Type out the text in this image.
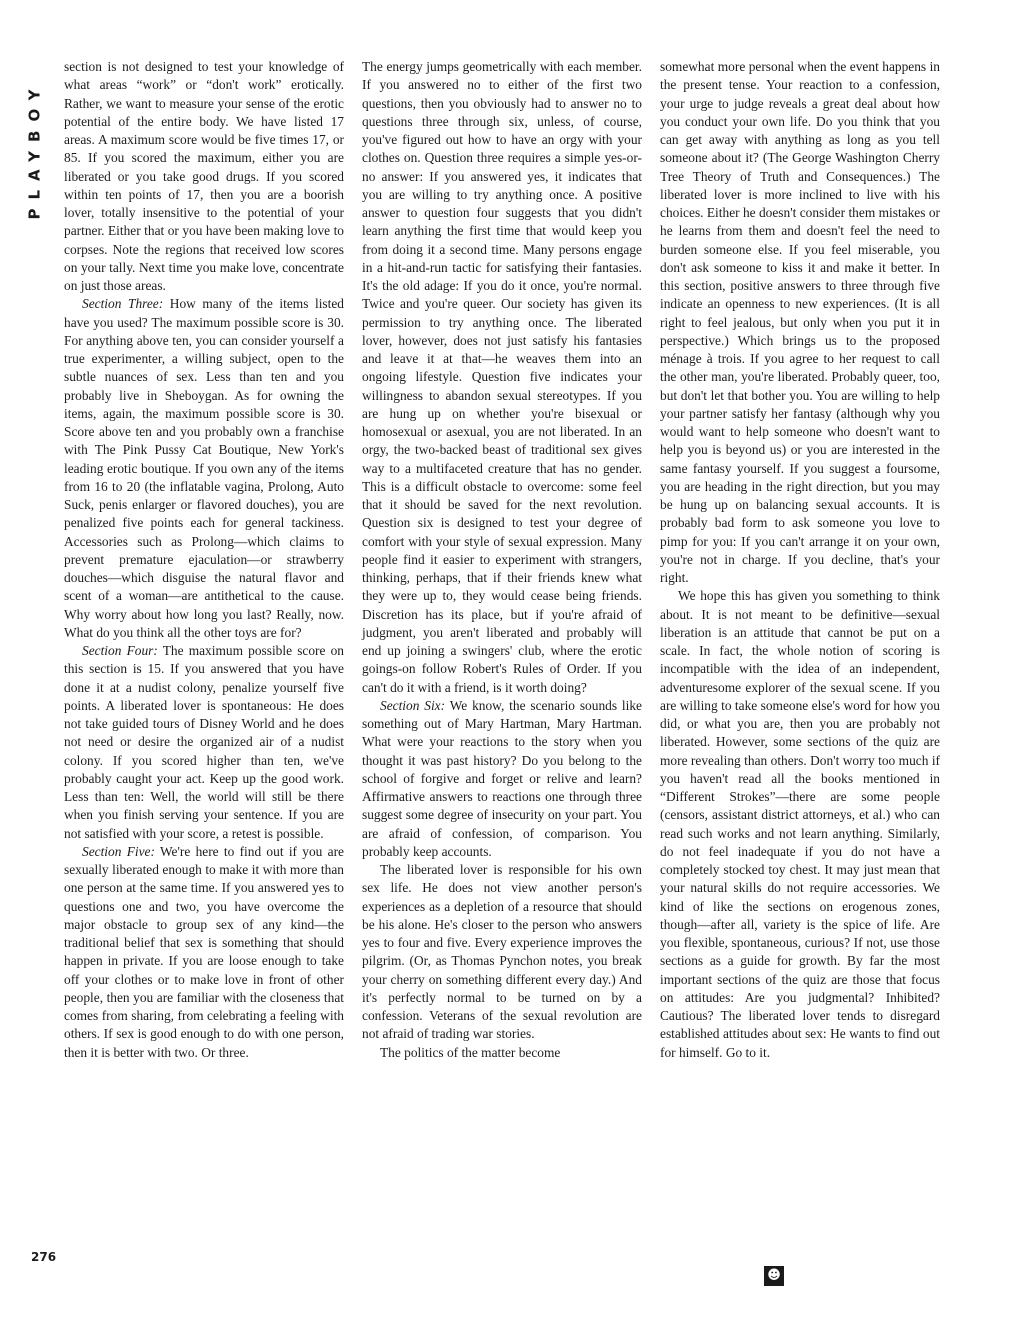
PLAYBOY

section is not designed to test your knowledge of what areas “work” or “don't work” erotically. Rather, we want to measure your sense of the erotic potential of the entire body. We have listed 17 areas. A maximum score would be five times 17, or 85. If you scored the maximum, either you are liberated or you take good drugs. If you scored within ten points of 17, then you are a boorish lover, totally insensitive to the potential of your partner. Either that or you have been making love to corpses. Note the regions that received low scores on your tally. Next time you make love, concentrate on just those areas.

Section Three: How many of the items listed have you used? The maximum possible score is 30. For anything above ten, you can consider yourself a true experimenter, a willing subject, open to the subtle nuances of sex. Less than ten and you probably live in Sheboygan. As for owning the items, again, the maximum possible score is 30. Score above ten and you probably own a franchise with The Pink Pussy Cat Boutique, New York's leading erotic boutique. If you own any of the items from 16 to 20 (the inflatable vagina, Prolong, Auto Suck, penis enlarger or flavored douches), you are penalized five points each for general tackiness. Accessories such as Prolong—which claims to prevent premature ejaculation—or strawberry douches—which disguise the natural flavor and scent of a woman—are antithetical to the cause. Why worry about how long you last? Really, now. What do you think all the other toys are for?

Section Four: The maximum possible score on this section is 15. If you answered that you have done it at a nudist colony, penalize yourself five points. A liberated lover is spontaneous: He does not take guided tours of Disney World and he does not need or desire the organized air of a nudist colony. If you scored higher than ten, we've probably caught your act. Keep up the good work. Less than ten: Well, the world will still be there when you finish serving your sentence. If you are not satisfied with your score, a retest is possible.

Section Five: We're here to find out if you are sexually liberated enough to make it with more than one person at the same time. If you answered yes to questions one and two, you have overcome the major obstacle to group sex of any kind—the traditional belief that sex is something that should happen in private. If you are loose enough to take off your clothes or to make love in front of other people, then you are familiar with the closeness that comes from sharing, from celebrating a feeling with others. If sex is good enough to do with one person, then it is better with two. Or three.

The energy jumps geometrically with each member. If you answered no to either of the first two questions, then you obviously had to answer no to questions three through six, unless, of course, you've figured out how to have an orgy with your clothes on. Question three requires a simple yes-or-no answer: If you answered yes, it indicates that you are willing to try anything once. A positive answer to question four suggests that you didn't learn anything the first time that would keep you from doing it a second time. Many persons engage in a hit-and-run tactic for satisfying their fantasies. It's the old adage: If you do it once, you're normal. Twice and you're queer. Our society has given its permission to try anything once. The liberated lover, however, does not just satisfy his fantasies and leave it at that—he weaves them into an ongoing lifestyle. Question five indicates your willingness to abandon sexual stereotypes. If you are hung up on whether you're bisexual or homosexual or asexual, you are not liberated. In an orgy, the two-backed beast of traditional sex gives way to a multifaceted creature that has no gender. This is a difficult obstacle to overcome: some feel that it should be saved for the next revolution. Question six is designed to test your degree of comfort with your style of sexual expression. Many people find it easier to experiment with strangers, thinking, perhaps, that if their friends knew what they were up to, they would cease being friends. Discretion has its place, but if you're afraid of judgment, you aren't liberated and probably will end up joining a swingers' club, where the erotic goings-on follow Robert's Rules of Order. If you can't do it with a friend, is it worth doing?

Section Six: We know, the scenario sounds like something out of Mary Hartman, Mary Hartman. What were your reactions to the story when you thought it was past history? Do you belong to the school of forgive and forget or relive and learn? Affirmative answers to reactions one through three suggest some degree of insecurity on your part. You are afraid of confession, of comparison. You probably keep accounts.

The liberated lover is responsible for his own sex life. He does not view another person's experiences as a depletion of a resource that should be his alone. He's closer to the person who answers yes to four and five. Every experience improves the pilgrim. (Or, as Thomas Pynchon notes, you break your cherry on something different every day.) And it's perfectly normal to be turned on by a confession. Veterans of the sexual revolution are not afraid of trading war stories.

The politics of the matter become

somewhat more personal when the event happens in the present tense. Your reaction to a confession, your urge to judge reveals a great deal about how you conduct your own life. Do you think that you can get away with anything as long as you tell someone about it? (The George Washington Cherry Tree Theory of Truth and Consequences.) The liberated lover is more inclined to live with his choices. Either he doesn't consider them mistakes or he learns from them and doesn't feel the need to burden someone else. If you feel miserable, you don't ask someone to kiss it and make it better. In this section, positive answers to three through five indicate an openness to new experiences. (It is all right to feel jealous, but only when you put it in perspective.) Which brings us to the proposed ménage à trois. If you agree to her request to call the other man, you're liberated. Probably queer, too, but don't let that bother you. You are willing to help your partner satisfy her fantasy (although why you would want to help someone who doesn't want to help you is beyond us) or you are interested in the same fantasy yourself. If you suggest a foursome, you are heading in the right direction, but you may be hung up on balancing sexual accounts. It is probably bad form to ask someone you love to pimp for you: If you can't arrange it on your own, you're not in charge. If you decline, that's your right.

We hope this has given you something to think about. It is not meant to be definitive—sexual liberation is an attitude that cannot be put on a scale. In fact, the whole notion of scoring is incompatible with the idea of an independent, adventuresome explorer of the sexual scene. If you are willing to take someone else's word for how you did, or what you are, then you are probably not liberated. However, some sections of the quiz are more revealing than others. Don't worry too much if you haven't read all the books mentioned in “Different Strokes”—there are some people (censors, assistant district attorneys, et al.) who can read such works and not learn anything. Similarly, do not feel inadequate if you do not have a completely stocked toy chest. It may just mean that your natural skills do not require accessories. We kind of like the sections on erogenous zones, though—after all, variety is the spice of life. Are you flexible, spontaneous, curious? If not, use those sections as a guide for growth. By far the most important sections of the quiz are those that focus on attitudes: Are you judgmental? Inhibited? Cautious? The liberated lover tends to disregard established attitudes about sex: He wants to find out for himself. Go to it.

276
☻
